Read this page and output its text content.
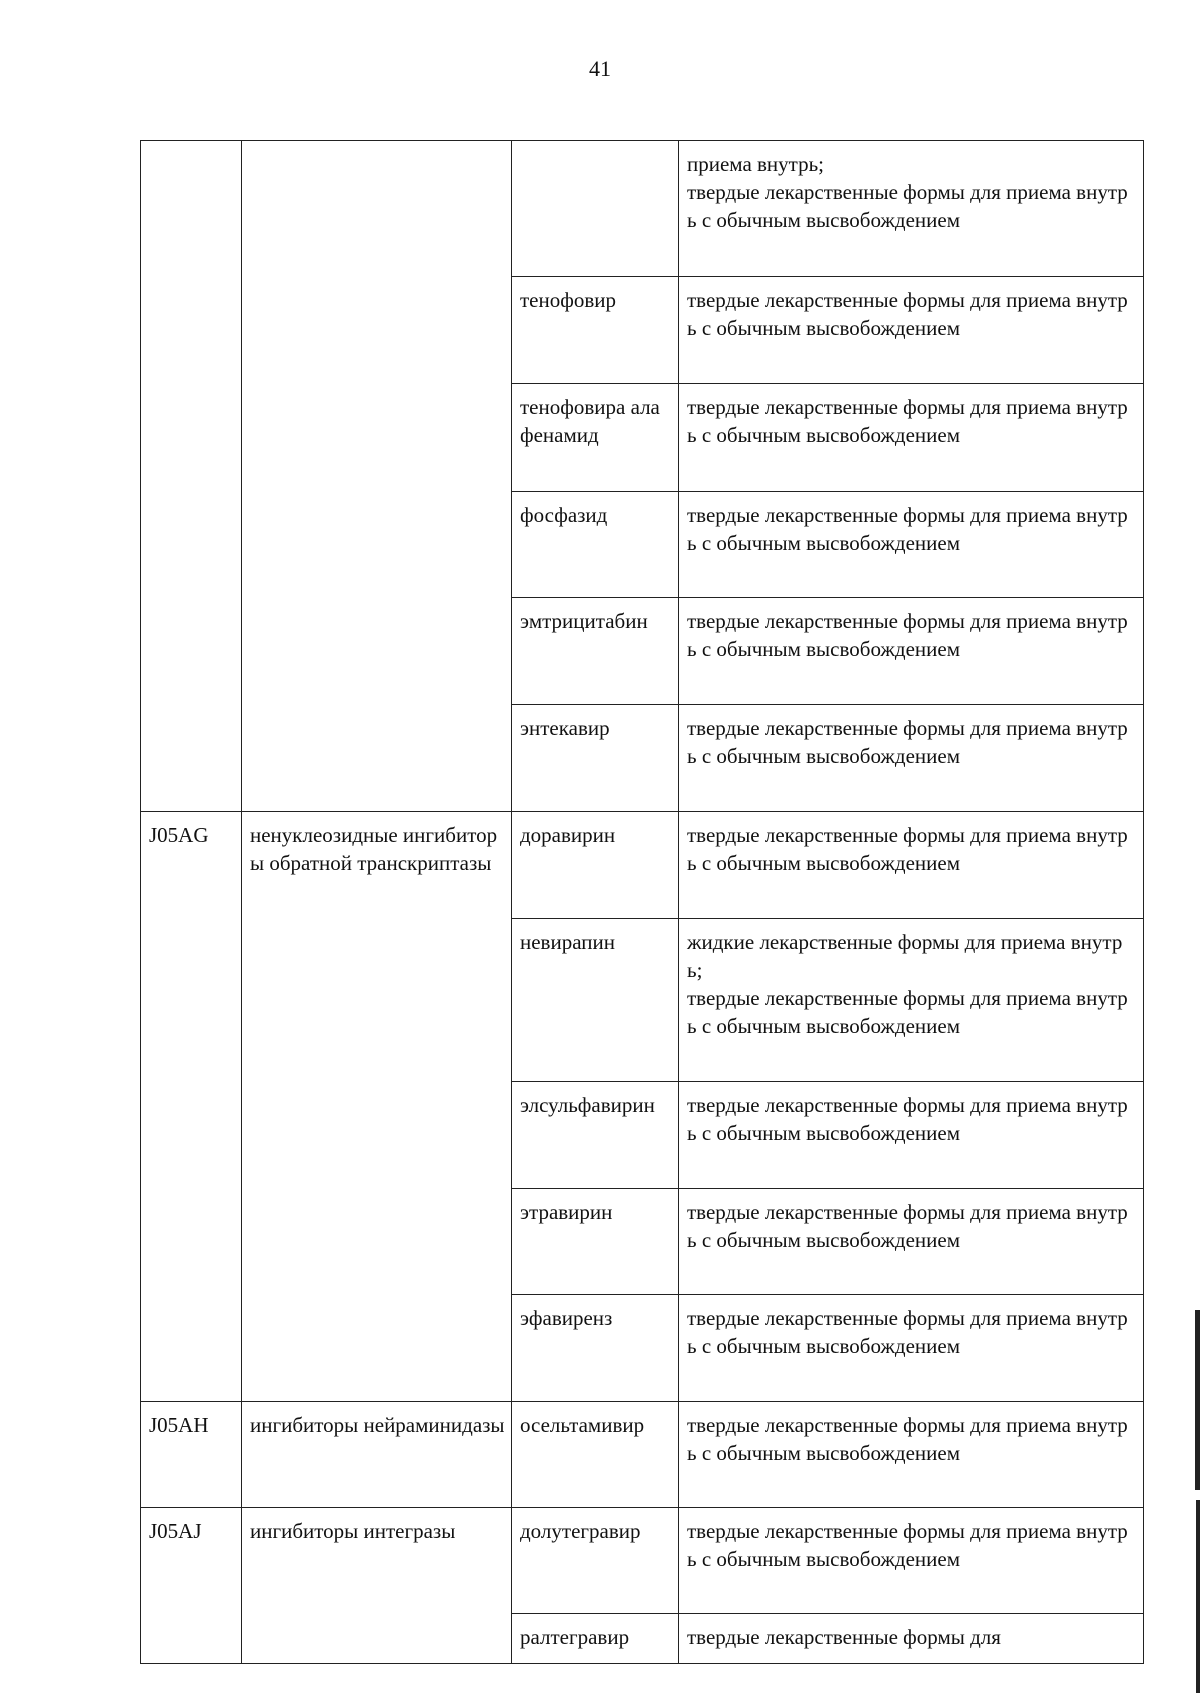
41
			приема внутрь;
твердые лекарственные формы для приема внутрь с обычным высвобождением
		тенофовир	твердые лекарственные формы для приема внутрь с обычным высвобождением
		тенофовира алафенамид	твердые лекарственные формы для приема внутрь с обычным высвобождением
		фосфазид	твердые лекарственные формы для приема внутрь с обычным высвобождением
		эмтрицитабин	твердые лекарственные формы для приема внутрь с обычным высвобождением
		энтекавир	твердые лекарственные формы для приема внутрь с обычным высвобождением
J05AG	ненуклеозидные ингибиторы обратной транскриптазы	доравирин	твердые лекарственные формы для приема внутрь с обычным высвобождением
		невирапин	жидкие лекарственные формы для приема внутрь;
твердые лекарственные формы для приема внутрь с обычным высвобождением
		элсульфавирин	твердые лекарственные формы для приема внутрь с обычным высвобождением
		этравирин	твердые лекарственные формы для приема внутрь с обычным высвобождением
		эфавиренз	твердые лекарственные формы для приема внутрь с обычным высвобождением
J05AH	ингибиторы нейраминидазы	осельтамивир	твердые лекарственные формы для приема внутрь с обычным высвобождением
J05AJ	ингибиторы интегразы	долутегравир	твердые лекарственные формы для приема внутрь с обычным высвобождением
		ралтегравир	твердые лекарственные формы для
